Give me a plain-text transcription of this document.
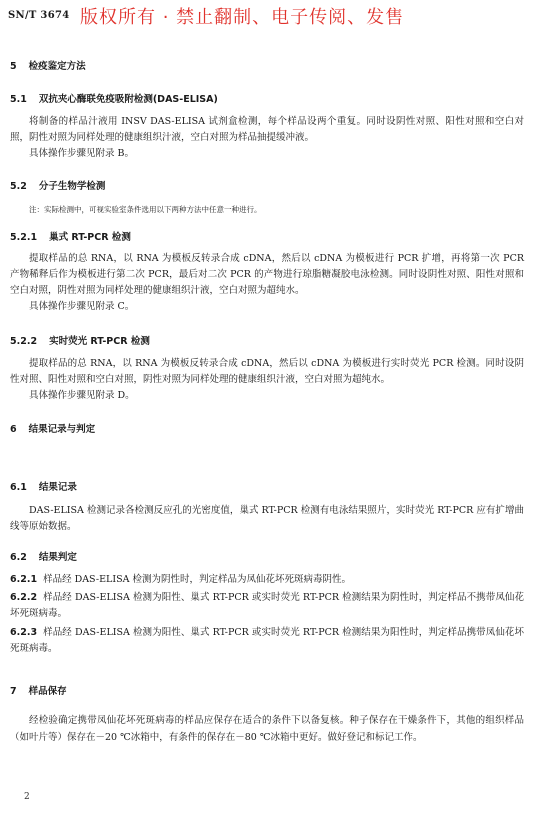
SN/T 3674 版权所有 · 禁止翻制、电子传阅、发售
5 检疫鉴定方法
5.1 双抗夹心酶联免疫吸附检测(DAS-ELISA)

将制备的样品汁液用 INSV DAS-ELISA 试剂盒检测，每个样品设两个重复。同时设阴性对照、阳性对照和空白对照，阴性对照为同样处理的健康组织汁液，空白对照为样品抽提缓冲液。

具体操作步骤见附录 B。

5.2 分子生物学检测
注：实际检测中，可视实验室条件选用以下两种方法中任意一种进行。
5.2.1 巢式 RT-PCR 检测

提取样品的总 RNA，以 RNA 为模板反转录合成 cDNA，然后以 cDNA 为模板进行 PCR 扩增，再将第一次 PCR 产物稀释后作为模板进行第二次 PCR，最后对二次 PCR 的产物进行琼脂糖凝胶电泳检测。同时设阴性对照、阳性对照和空白对照，阴性对照为同样处理的健康组织汁液，空白对照为超纯水。

具体操作步骤见附录 C。

5.2.2 实时荧光 RT-PCR 检测

提取样品的总 RNA，以 RNA 为模板反转录合成 cDNA，然后以 cDNA 为模板进行实时荧光 PCR 检测。同时设阴性对照、阳性对照和空白对照，阴性对照为同样处理的健康组织汁液，空白对照为超纯水。

具体操作步骤见附录 D。

6 结果记录与判定
6.1 结果记录

DAS-ELISA 检测记录各检测反应孔的光密度值，巢式 RT-PCR 检测有电泳结果照片，实时荧光 RT-PCR 应有扩增曲线等原始数据。

6.2 结果判定
6.2.1 样品经 DAS-ELISA 检测为阴性时，判定样品为凤仙花坏死斑病毒阴性。
6.2.2 样品经 DAS-ELISA 检测为阳性、巢式 RT-PCR 或实时荧光 RT-PCR 检测结果为阴性时，判定样品不携带凤仙花坏死斑病毒。
6.2.3 样品经 DAS-ELISA 检测为阳性、巢式 RT-PCR 或实时荧光 RT-PCR 检测结果为阳性时，判定样品携带凤仙花坏死斑病毒。
7 样品保存

经检验确定携带凤仙花坏死斑病毒的样品应保存在适合的条件下以备复核。种子保存在干燥条件下，其他的组织样品（如叶片等）保存在－20 ℃冰箱中，有条件的保存在－80 ℃冰箱中更好。做好登记和标记工作。

2
